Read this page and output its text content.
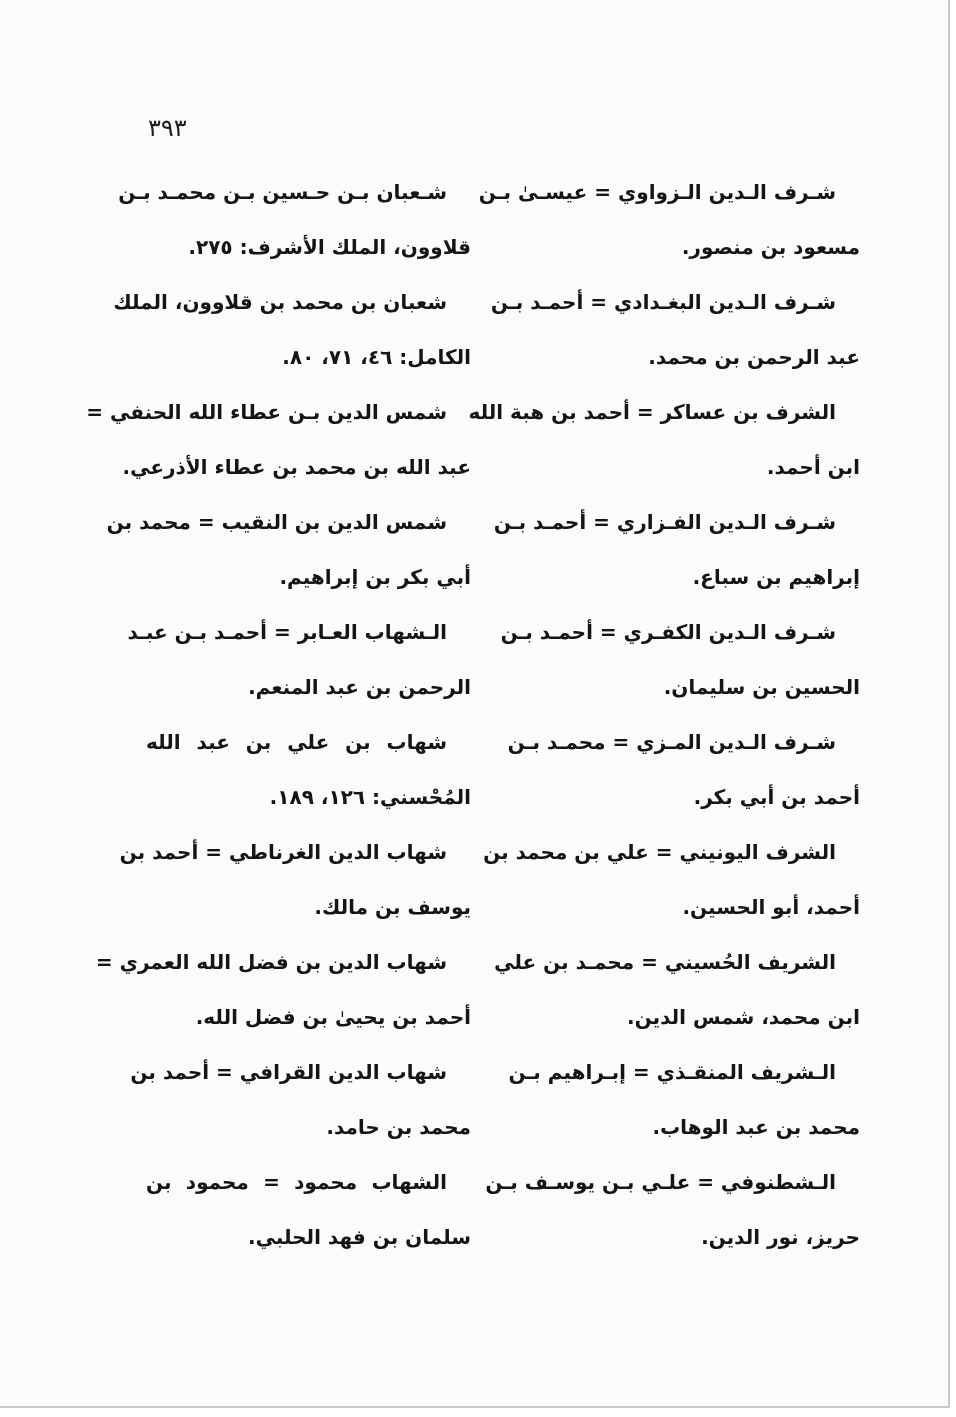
٣٩٣
شـرف الـدين الـزواوي = عيسـىٰ بـن
مسعود بن منصور.
شـرف الـدين البغـدادي = أحمـد بـن
عبد الرحمن بن محمد.
الشرف بن عساكر = أحمد بن هبة الله
ابن أحمد.
شـرف الـدين الفـزاري = أحمـد بـن
إبراهيم بن سباع.
شـرف الـدين الكفـري = أحمـد بـن
الحسين بن سليمان.
شـرف الـدين المـزي = محمـد بـن
أحمد بن أبي بكر.
الشرف اليونيني = علي بن محمد بن
أحمد، أبو الحسين.
الشريف الحُسيني = محمـد بن علي
ابن محمد، شمس الدين.
الـشريف المنقـذي = إبـراهيم بـن
محمد بن عبد الوهاب.
الـشطنوفي = علـي بـن يوسـف بـن
حريز، نور الدين.
شـعبان بـن حـسين بـن محمـد بـن
قلاوون، الملك الأشرف: ٢٧٥.
شعبان بن محمد بن قلاوون، الملك
الكامل: ٤٦، ٧١، ٨٠.
شمس الدين بـن عطاء الله الحنفي =
عبد الله بن محمد بن عطاء الأذرعي.
شمس الدين بن النقيب = محمد بن
أبي بكر بن إبراهيم.
الـشهاب العـابر = أحمـد بـن عبـد
الرحمن بن عبد المنعم.
شهاب بن علي بن عبد الله
المُحْسني: ١٢٦، ١٨٩.
شهاب الدين الغرناطي = أحمد بن
يوسف بن مالك.
شهاب الدين بن فضل الله العمري =
أحمد بن يحيىٰ بن فضل الله.
شهاب الدين القرافي = أحمد بن
محمد بن حامد.
الشهاب محمود = محمود بن
سلمان بن فهد الحلبي.
